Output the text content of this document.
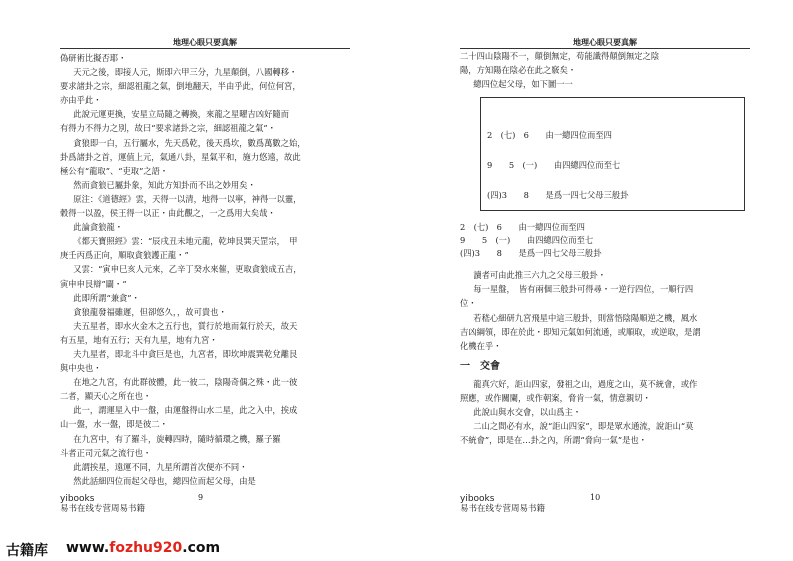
地理心眼只要真解

偽研術比擬否耶・

天元之後，即接人元，斯即六甲三分，九星顛倒，八國轉移・

要求諸卦之宗，細認祖龍之氣，倒地翻天，半由乎此，何位何宮，

亦由乎此・

此說元運更換，安星立局隨之轉換，來龍之星曜吉凶好隨而

有得力不得力之別，故曰“要求諸卦之宗，細認祖龍之氣”・

貪狼即一白，五行屬水，先天爲乾，後天爲坎，數爲萬數之始，

卦爲諸卦之首，運值上元，氣通八卦，星氣平和，施力悠遠，故此

極公有“龍取”、“吏取”之語・

然而貪狼已屬卦象，知此方知卦而不出之妙用矣・

原注：《道德經》雲，天得一以清，地得一以寧，神得一以靈，

穀得一以盈，侯王得一以正・由此觀之，一之爲用大矣哉・

此論貪狼龍・

《都天寶照經》雲：“辰戌丑未地元龍，乾坤艮巽天罡宗，　甲

庚壬丙爲正向，順取貪狼護正龍・”

又雲：“寅申巳亥人元來，乙辛丁癸水來催，更取貪狼成五吉，

寅申申艮辯”闢・”

此即所謂“兼貪”・

貪狼龍發福雖遲，但卻悠久，，故可貴也・

夫五星者，即水火金木之五行也，質行於地而氣行於天，故天

有五星，地有五行；天有九星，地有九宮・

夫九星者，即北斗中貪巨是也，九宮者，即坎坤震巽乾兌離艮

與中央也・

在地之九宮，有此群彼體，此一彼二，陰陽奇偶之殊・此一彼

二者，顯天心之所在也・

此一，謂運星入中一盤，由運盤得山水二星，此之入中，挨成

山一盤，水一盤，即是彼二・

在九宮中，有了羅斗，旋轉四時，隨時循環之機，羅子羅

斗者正司元氣之流行也・

此謂挨星，遠運不同，九星所謂首次便亦不同・

然此話細四位而起父母也，總四位而起父母，由是

地理心眼只要真解

二十四山陰陽不一，顛倒無定，苟能識得顛倒無定之陰

陽，方知陽在陰必在此之竅矣・

總四位起父母，如下圖一一

2　(七)　6　　由一總四位而至四
9　　5　(一)　　由四總四位而至七
(四)3　　8　　是爲一四七父母三般卦
2　(七)　6　　由一總四位而至四
9　　5　(一)　　由四總四位而至七
(四)3　　8　　是爲一四七父母三般卦

讀者可由此推三六九之父母三般卦・

每一星盤，　皆有兩個三般卦可得尋・一逆行四位，一順行四

位・

若嵇心細研九宮飛星中這三般卦，則當悟陰陽順逆之機，風水

吉凶綱領，即在於此・即知元氣如何流通，或順取，或逆取，是謂

化機在乎・

一　交會

龍真穴好，詎山四家，發祖之山，過度之山，莫不統會，或作

照應，或作關闌，或作朝案，脅肯一氣，情意親切・

此說山與水交會，以山爲主・

二山之間必有水，說“詎山四家”，即是眾水通流，說詎山“莫

不統會”，即是在…卦之內，所謂“脅向一氣”是也・

yibooks
易书在线专营周易书籍
9	yibooks
易书在线专营周易书籍
10
古籍库 www.fozhu920.com
